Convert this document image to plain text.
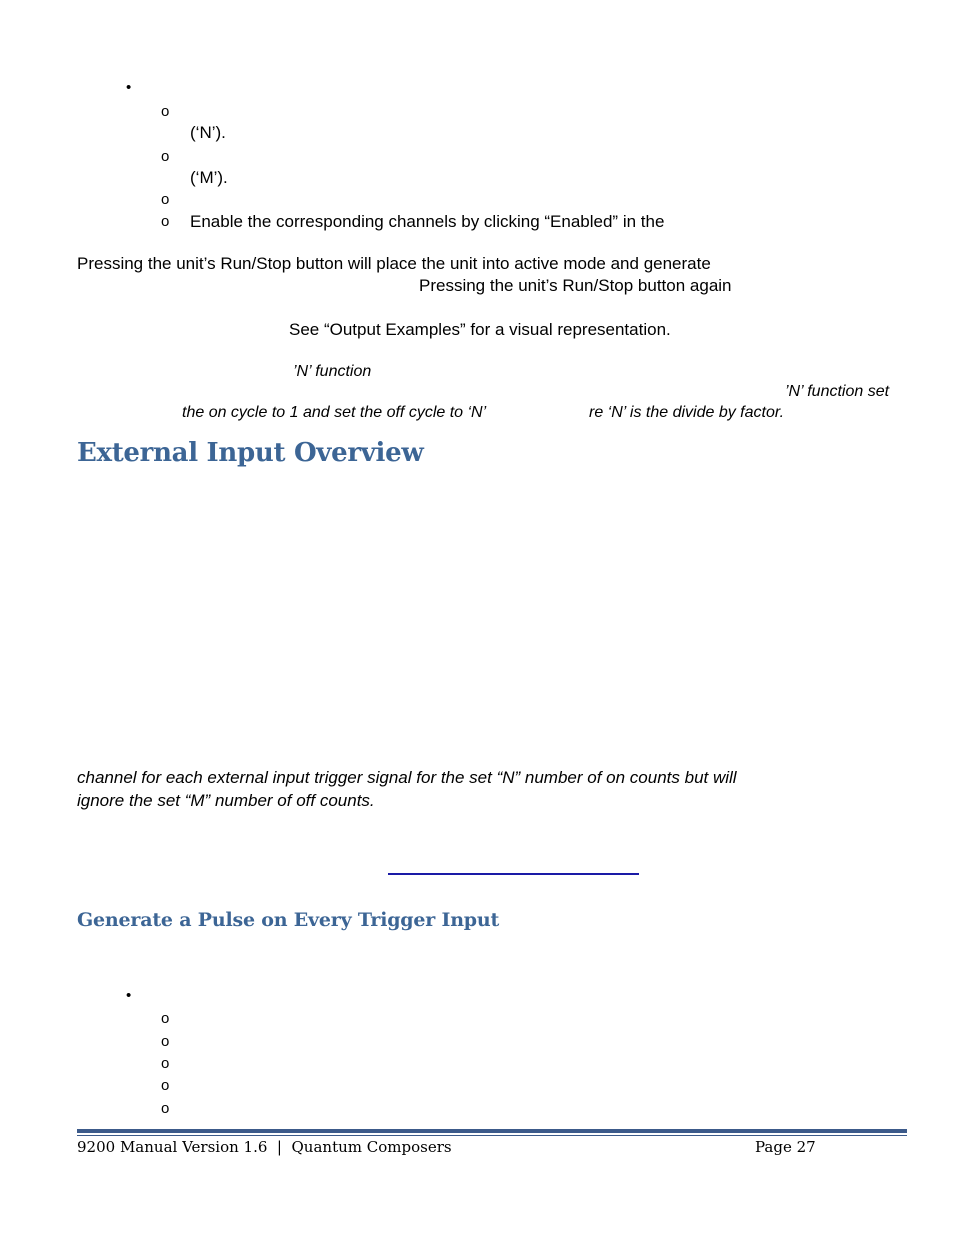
•
o
(‘N’).
o
(‘M’).
o
o Enable the corresponding channels by clicking “Enabled” in the
Pressing the unit’s Run/Stop button will place the unit into active mode and generate
Pressing the unit’s Run/Stop button again
See “Output Examples” for a visual representation.
’N’ function
’N’ function set
the on cycle to 1 and set the off cycle to ‘N’	re ‘N’ is the divide by factor.
External Input Overview
channel for each external input trigger signal for the set “N” number of on counts but will
ignore the set “M” number of off counts.
Generate a Pulse on Every Trigger Input
•
o
o
o
o
o
9200 Manual Version 1.6  |  Quantum Composers	Page 27
